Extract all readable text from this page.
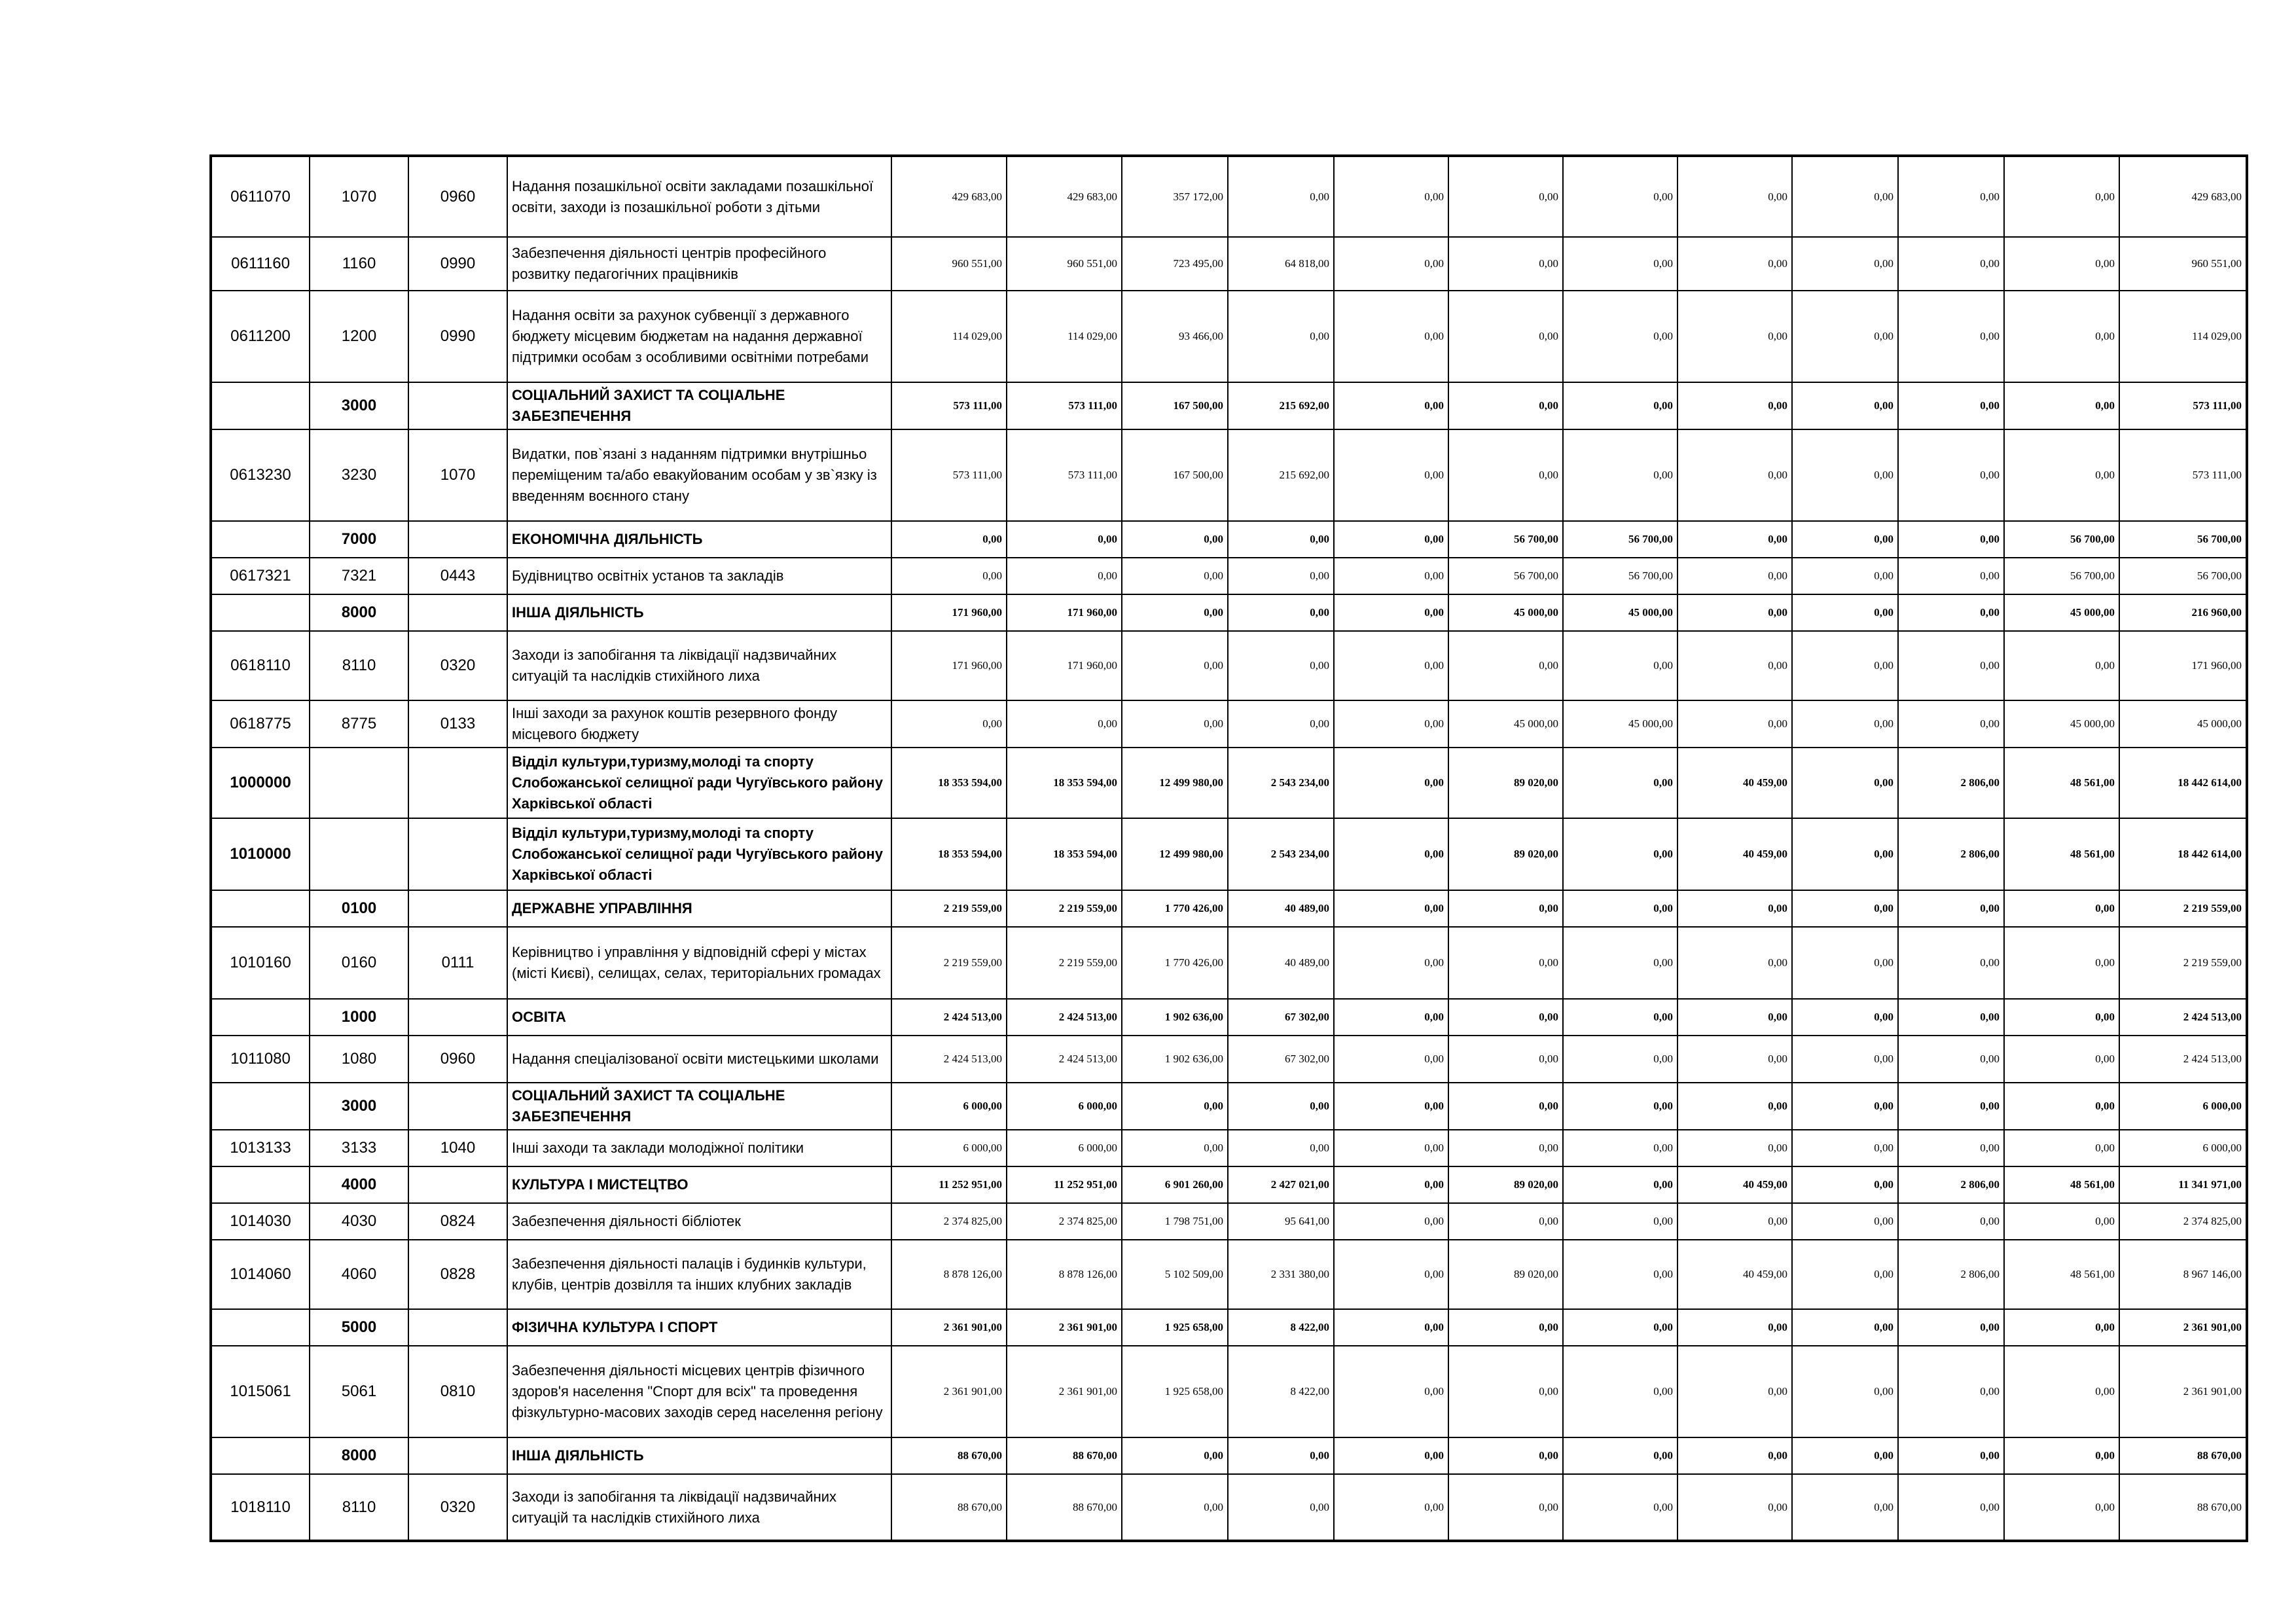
0611070	1070	0960	Надання позашкільної освіти закладами позашкільної освіти, заходи із позашкільної роботи з дітьми	429 683,00	429 683,00	357 172,00	0,00	0,00	0,00	0,00	0,00	0,00	0,00	0,00	429 683,00
0611160	1160	0990	Забезпечення діяльності центрів професійного розвитку педагогічних працівників	960 551,00	960 551,00	723 495,00	64 818,00	0,00	0,00	0,00	0,00	0,00	0,00	0,00	960 551,00
0611200	1200	0990	Надання освіти за рахунок субвенції з державного бюджету місцевим бюджетам на надання державної підтримки особам з особливими освітніми потребами	114 029,00	114 029,00	93 466,00	0,00	0,00	0,00	0,00	0,00	0,00	0,00	0,00	114 029,00
	3000		СОЦІАЛЬНИЙ ЗАХИСТ ТА СОЦІАЛЬНЕ ЗАБЕЗПЕЧЕННЯ	573 111,00	573 111,00	167 500,00	215 692,00	0,00	0,00	0,00	0,00	0,00	0,00	0,00	573 111,00
0613230	3230	1070	Видатки, пов`язані з наданням підтримки внутрішньо переміщеним та/або евакуйованим особам у зв`язку із введенням воєнного стану	573 111,00	573 111,00	167 500,00	215 692,00	0,00	0,00	0,00	0,00	0,00	0,00	0,00	573 111,00
	7000		ЕКОНОМІЧНА ДІЯЛЬНІСТЬ	0,00	0,00	0,00	0,00	0,00	56 700,00	56 700,00	0,00	0,00	0,00	56 700,00	56 700,00
0617321	7321	0443	Будівництво освітніх установ та закладів	0,00	0,00	0,00	0,00	0,00	56 700,00	56 700,00	0,00	0,00	0,00	56 700,00	56 700,00
	8000		ІНША ДІЯЛЬНІСТЬ	171 960,00	171 960,00	0,00	0,00	0,00	45 000,00	45 000,00	0,00	0,00	0,00	45 000,00	216 960,00
0618110	8110	0320	Заходи із запобігання та ліквідації надзвичайних ситуацій та наслідків стихійного лиха	171 960,00	171 960,00	0,00	0,00	0,00	0,00	0,00	0,00	0,00	0,00	0,00	171 960,00
0618775	8775	0133	Інші заходи за рахунок коштів резервного фонду місцевого бюджету	0,00	0,00	0,00	0,00	0,00	45 000,00	45 000,00	0,00	0,00	0,00	45 000,00	45 000,00
1000000			Відділ культури,туризму,молоді та спорту Слобожанської селищної ради Чугуївського району Харківської області	18 353 594,00	18 353 594,00	12 499 980,00	2 543 234,00	0,00	89 020,00	0,00	40 459,00	0,00	2 806,00	48 561,00	18 442 614,00
1010000			Відділ культури,туризму,молоді та спорту Слобожанської селищної ради Чугуївського району Харківської області	18 353 594,00	18 353 594,00	12 499 980,00	2 543 234,00	0,00	89 020,00	0,00	40 459,00	0,00	2 806,00	48 561,00	18 442 614,00
	0100		ДЕРЖАВНЕ УПРАВЛІННЯ	2 219 559,00	2 219 559,00	1 770 426,00	40 489,00	0,00	0,00	0,00	0,00	0,00	0,00	0,00	2 219 559,00
1010160	0160	0111	Керівництво і управління у відповідній сфері у містах (місті Києві), селищах, селах, територіальних громадах	2 219 559,00	2 219 559,00	1 770 426,00	40 489,00	0,00	0,00	0,00	0,00	0,00	0,00	0,00	2 219 559,00
	1000		ОСВІТА	2 424 513,00	2 424 513,00	1 902 636,00	67 302,00	0,00	0,00	0,00	0,00	0,00	0,00	0,00	2 424 513,00
1011080	1080	0960	Надання спеціалізованої освіти мистецькими школами	2 424 513,00	2 424 513,00	1 902 636,00	67 302,00	0,00	0,00	0,00	0,00	0,00	0,00	0,00	2 424 513,00
	3000		СОЦІАЛЬНИЙ ЗАХИСТ ТА СОЦІАЛЬНЕ ЗАБЕЗПЕЧЕННЯ	6 000,00	6 000,00	0,00	0,00	0,00	0,00	0,00	0,00	0,00	0,00	0,00	6 000,00
1013133	3133	1040	Інші заходи та заклади молодіжної політики	6 000,00	6 000,00	0,00	0,00	0,00	0,00	0,00	0,00	0,00	0,00	0,00	6 000,00
	4000		КУЛЬТУРА І МИСТЕЦТВО	11 252 951,00	11 252 951,00	6 901 260,00	2 427 021,00	0,00	89 020,00	0,00	40 459,00	0,00	2 806,00	48 561,00	11 341 971,00
1014030	4030	0824	Забезпечення діяльності бібліотек	2 374 825,00	2 374 825,00	1 798 751,00	95 641,00	0,00	0,00	0,00	0,00	0,00	0,00	0,00	2 374 825,00
1014060	4060	0828	Забезпечення діяльності палаців і будинків культури, клубів, центрів дозвілля та інших клубних закладів	8 878 126,00	8 878 126,00	5 102 509,00	2 331 380,00	0,00	89 020,00	0,00	40 459,00	0,00	2 806,00	48 561,00	8 967 146,00
	5000		ФІЗИЧНА КУЛЬТУРА І СПОРТ	2 361 901,00	2 361 901,00	1 925 658,00	8 422,00	0,00	0,00	0,00	0,00	0,00	0,00	0,00	2 361 901,00
1015061	5061	0810	Забезпечення діяльності місцевих центрів фізичного здоров'я населення "Спорт для всіх" та проведення фізкультурно-масових заходів серед населення регіону	2 361 901,00	2 361 901,00	1 925 658,00	8 422,00	0,00	0,00	0,00	0,00	0,00	0,00	0,00	2 361 901,00
	8000		ІНША ДІЯЛЬНІСТЬ	88 670,00	88 670,00	0,00	0,00	0,00	0,00	0,00	0,00	0,00	0,00	0,00	88 670,00
1018110	8110	0320	Заходи із запобігання та ліквідації надзвичайних ситуацій та наслідків стихійного лиха	88 670,00	88 670,00	0,00	0,00	0,00	0,00	0,00	0,00	0,00	0,00	0,00	88 670,00
